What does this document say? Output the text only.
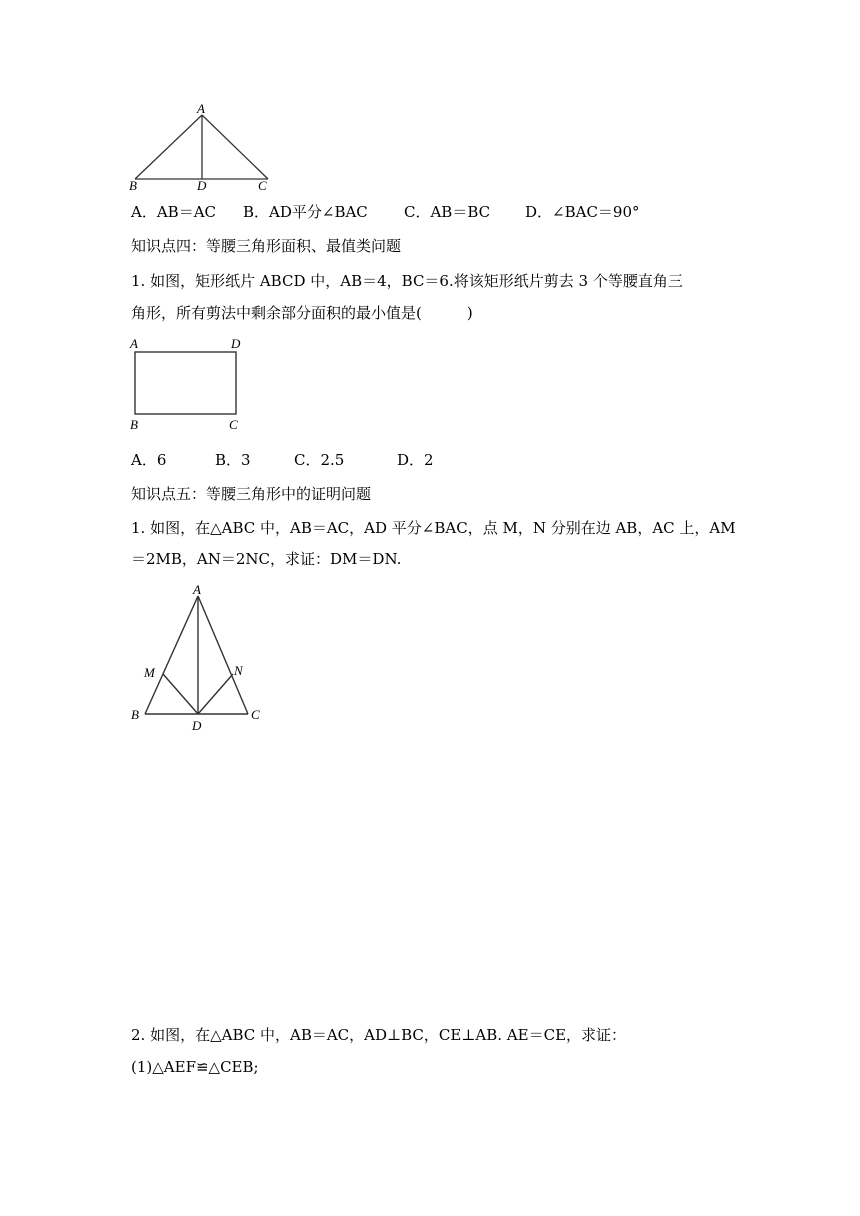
A
B	D	C
A．AB＝AC B．AD平分∠BAC C．AB＝BC D．∠BAC＝90°
知识点四：等腰三角形面积、最值类问题
1. 如图，矩形纸片 ABCD 中，AB＝4，BC＝6.将该矩形纸片剪去 3 个等腰直角三
角形，所有剪法中剩余部分面积的最小值是(　　　)
A	D
B	C
A．6	B．3	C．2.5	D．2
知识点五：等腰三角形中的证明问题
1. 如图，在△ABC 中，AB＝AC，AD 平分∠BAC，点 M，N 分别在边 AB，AC 上，AM
＝2MB，AN＝2NC，求证：DM＝DN.
A
M	N
B
D
C
2. 如图，在△ABC 中，AB＝AC，AD⊥BC，CE⊥AB. AE＝CE，求证：
(1)△AEF≌△CEB;
